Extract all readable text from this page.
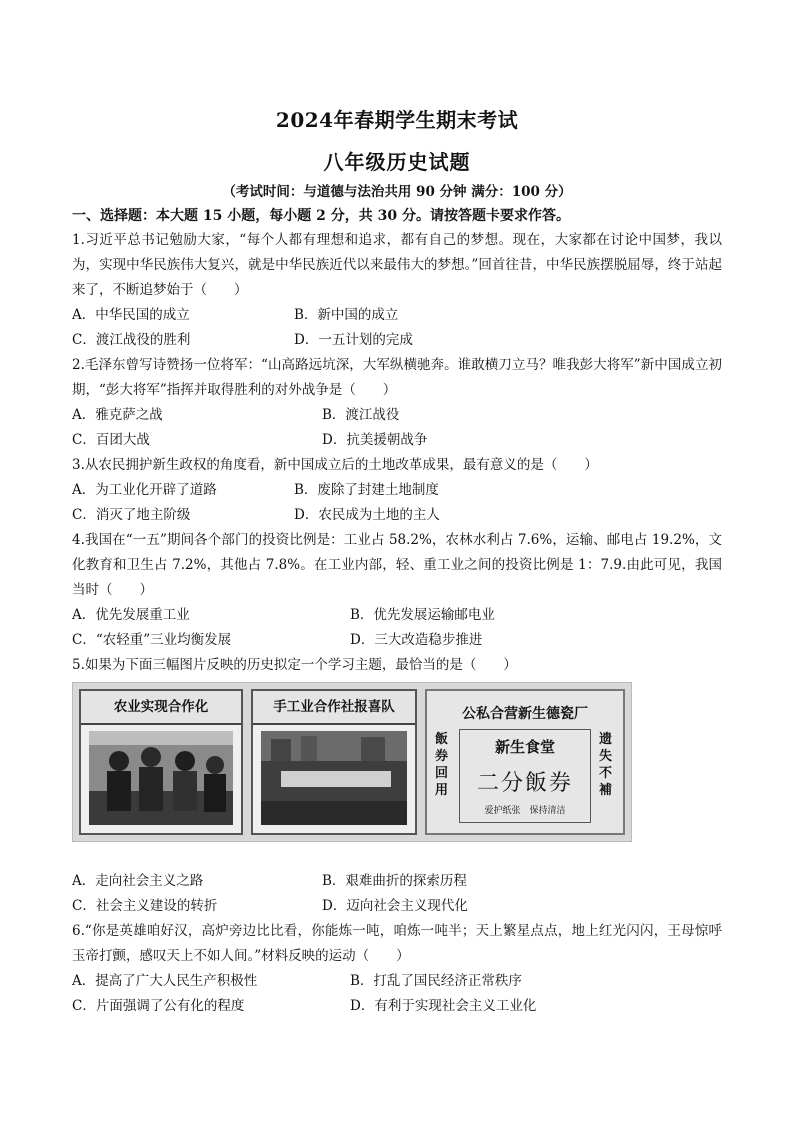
2024年春期学生期末考试
八年级历史试题
（考试时间：与道德与法治共用 90 分钟 满分：100 分）
一、选择题：本大题 15 小题，每小题 2 分，共 30 分。请按答题卡要求作答。
1.习近平总书记勉励大家，“每个人都有理想和追求，都有自己的梦想。现在，大家都在讨论中国梦，我以为，实现中华民族伟大复兴，就是中华民族近代以来最伟大的梦想。”回首往昔，中华民族摆脱屈辱，终于站起来了，不断追梦始于（　　）
A．中华民国的成立	B．新中国的成立
C．渡江战役的胜利	D．一五计划的完成
2.毛泽东曾写诗赞扬一位将军：“山高路远坑深，大军纵横驰奔。谁敢横刀立马？唯我彭大将军”新中国成立初期，“彭大将军”指挥并取得胜利的对外战争是（　　）
A．雅克萨之战	B．渡江战役
C．百团大战	D．抗美援朝战争
3.从农民拥护新生政权的角度看，新中国成立后的土地改革成果，最有意义的是（　　）
A．为工业化开辟了道路	B．废除了封建土地制度
C．消灭了地主阶级	D．农民成为土地的主人
4.我国在“一五”期间各个部门的投资比例是：工业占 58.2%，农林水利占 7.6%，运输、邮电占 19.2%，文化教育和卫生占 7.2%，其他占 7.8%。在工业内部，轻、重工业之间的投资比例是 1：7.9.由此可见，我国当时（　　）
A．优先发展重工业	B．优先发展运输邮电业
C．“农轻重”三业均衡发展	D．三大改造稳步推进
5.如果为下面三幅图片反映的历史拟定一个学习主题，最恰当的是（　　）
农业实现合作化	手工业合作社报喜队	公私合营新生德瓷厂
新生食堂
二分飯券
爱护纸张　保持清洁
飯券回用
遗失不補
A．走向社会主义之路	B．艰难曲折的探索历程
C．社会主义建设的转折	D．迈向社会主义现代化
6.“你是英雄咱好汉，高炉旁边比比看，你能炼一吨，咱炼一吨半；天上繁星点点，地上红光闪闪，王母惊呼玉帝打颤，感叹天上不如人间。”材料反映的运动（　　）
A．提高了广大人民生产积极性	B．打乱了国民经济正常秩序
C．片面强调了公有化的程度	D．有利于实现社会主义工业化
